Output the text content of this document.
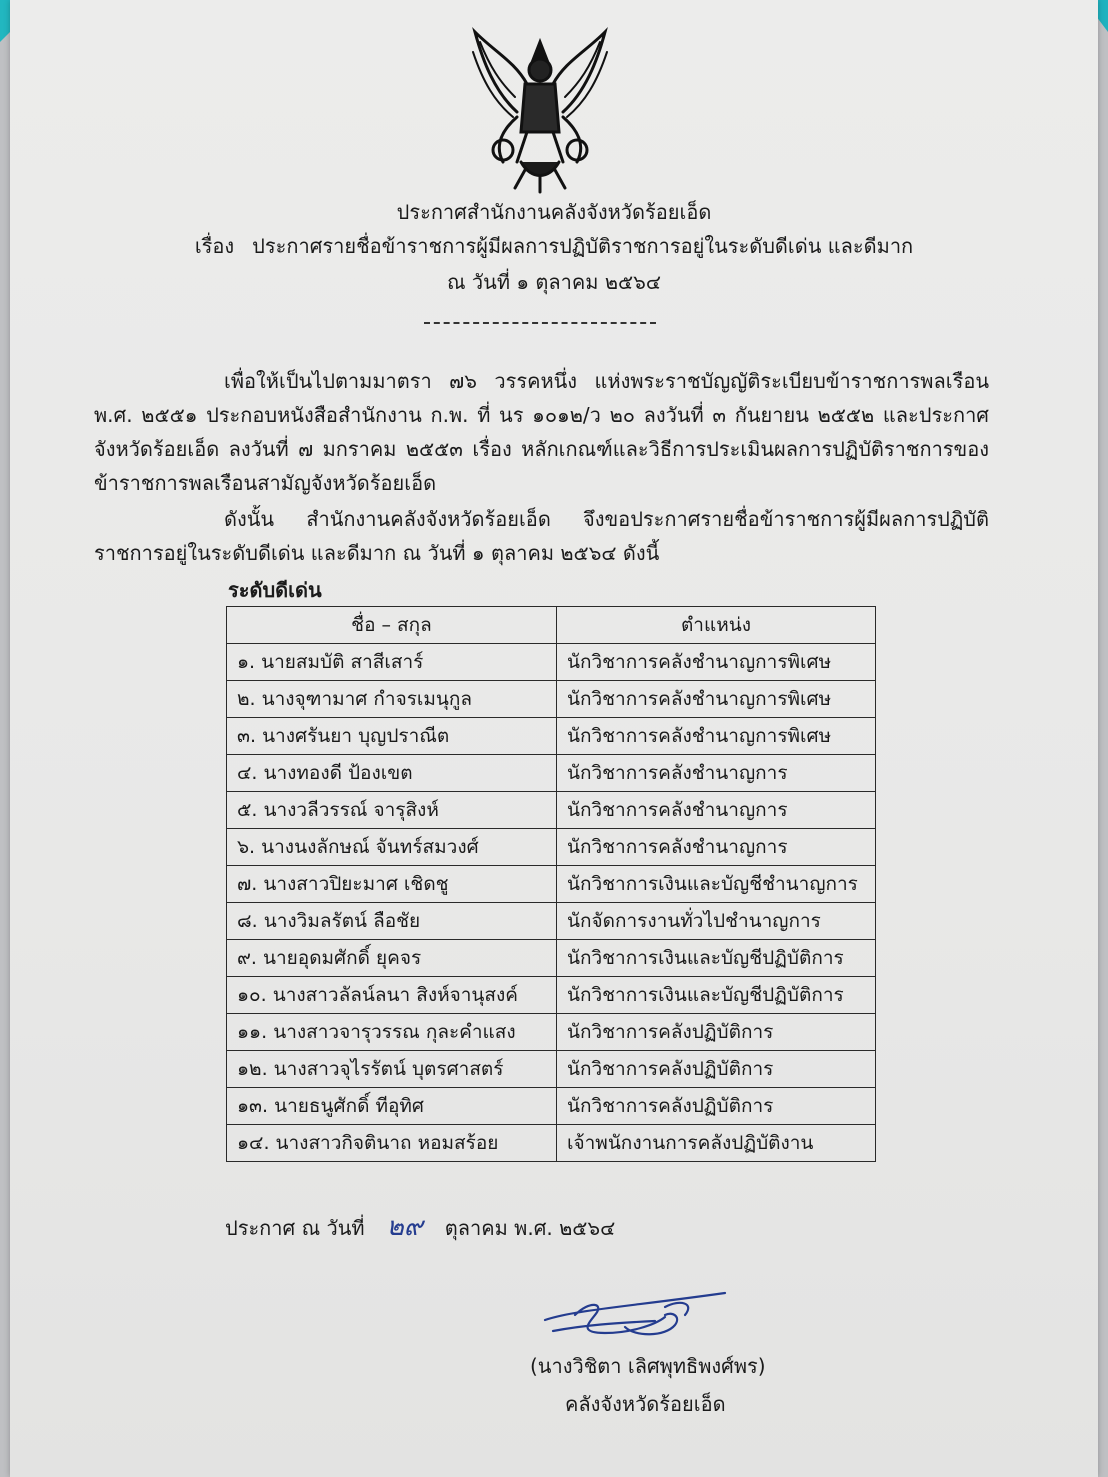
ประกาศสำนักงานคลังจังหวัดร้อยเอ็ด
เรื่อง ประกาศรายชื่อข้าราชการผู้มีผลการปฏิบัติราชการอยู่ในระดับดีเด่น และดีมาก
ณ วันที่ ๑ ตุลาคม ๒๕๖๔
เพื่อให้เป็นไปตามมาตรา ๗๖ วรรคหนึ่ง แห่งพระราชบัญญัติระเบียบข้าราชการพลเรือน พ.ศ. ๒๕๕๑ ประกอบหนังสือสำนักงาน ก.พ. ที่ นร ๑๐๑๒/ว ๒๐ ลงวันที่ ๓ กันยายน ๒๕๕๒ และประกาศจังหวัดร้อยเอ็ด ลงวันที่ ๗ มกราคม ๒๕๕๓ เรื่อง หลักเกณฑ์และวิธีการประเมินผลการปฏิบัติราชการของข้าราชการพลเรือนสามัญจังหวัดร้อยเอ็ด
ดังนั้น สำนักงานคลังจังหวัดร้อยเอ็ด จึงขอประกาศรายชื่อข้าราชการผู้มีผลการปฏิบัติราชการอยู่ในระดับดีเด่น และดีมาก ณ วันที่ ๑ ตุลาคม ๒๕๖๔ ดังนี้
ระดับดีเด่น
ชื่อ – สกุล	ตำแหน่ง
๑. นายสมบัติ สาสีเสาร์	นักวิชาการคลังชำนาญการพิเศษ
๒. นางจุฑามาศ กำจรเมนุกูล	นักวิชาการคลังชำนาญการพิเศษ
๓. นางศรันยา บุญปราณีต	นักวิชาการคลังชำนาญการพิเศษ
๔. นางทองดี ป้องเขต	นักวิชาการคลังชำนาญการ
๕. นางวลีวรรณ์ จารุสิงห์	นักวิชาการคลังชำนาญการ
๖. นางนงลักษณ์ จันทร์สมวงศ์	นักวิชาการคลังชำนาญการ
๗. นางสาวปิยะมาศ เชิดชู	นักวิชาการเงินและบัญชีชำนาญการ
๘. นางวิมลรัตน์ ลือชัย	นักจัดการงานทั่วไปชำนาญการ
๙. นายอุดมศักดิ์ ยุคจร	นักวิชาการเงินและบัญชีปฏิบัติการ
๑๐. นางสาวลัลน์ลนา สิงห์จานุสงค์	นักวิชาการเงินและบัญชีปฏิบัติการ
๑๑. นางสาวจารุวรรณ กุละคำแสง	นักวิชาการคลังปฏิบัติการ
๑๒. นางสาวจุไรรัตน์ บุตรศาสตร์	นักวิชาการคลังปฏิบัติการ
๑๓. นายธนูศักดิ์ ทีอุทิศ	นักวิชาการคลังปฏิบัติการ
๑๔. นางสาวกิจตินาถ หอมสร้อย	เจ้าพนักงานการคลังปฏิบัติงาน
ประกาศ ณ วันที่ ๒๙ ตุลาคม พ.ศ. ๒๕๖๔
(นางวิชิตา เลิศพุทธิพงศ์พร)
คลังจังหวัดร้อยเอ็ด
